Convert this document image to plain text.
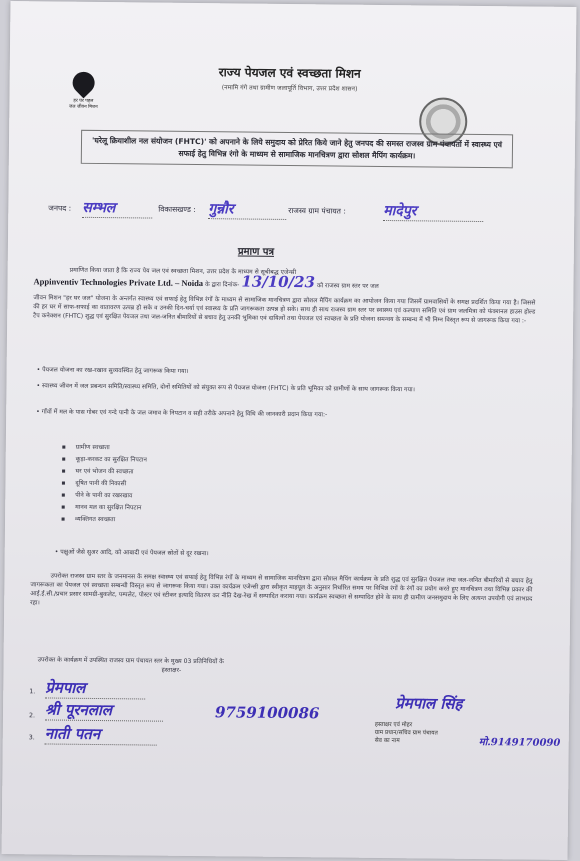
हर घर पहल
जल जीवन मिशन
राज्य पेयजल एवं स्वच्छता मिशन
(नमामि गंगे तथा ग्रामीण जलापूर्ति विभाग, उत्तर प्रदेश शासन)
'घरेलू क्रियाशील नल संयोजन (FHTC)' को अपनाने के लिये समुदाय को प्रेरित किये जाने हेतु जनपद की समस्त राजस्व ग्राम पंचायतों में स्वास्थ्य एवं सफाई हेतु विभिन्न रंगो के माध्यम से सामाजिक मानचित्रण द्वारा सोशल मैपिंग कार्यक्रम।
जनपद : सम्भल	विकासखण्ड : गुन्नौर	राजस्व ग्राम पंचायत :	मादेपुर
प्रमाण पत्र
प्रमाणित किया जाता है कि राज्य पेय जल एवं स्वच्छता मिशन, उत्तर प्रदेश के माध्यम से सूचीबद्ध एजेन्सी
Appinventiv Technologies Private Ltd. – Noida के द्वारा दिनांक- 13/10/23 को राजस्व ग्राम स्तर पर जल
जीवन मिशन "हर घर जल" योजना के अन्तर्गत स्वास्थ्य एवं सफाई हेतु विभिन्न रंगों के माध्यम से सामाजिक मानचित्रण द्वारा सोशल मैपिंग कार्यक्रम का आयोजन किया गया जिसमें ग्रामवासियों के समक्ष प्रदर्शित किया गया है। जिससे की हर घर में साफ-सफाई का वातावरण उत्पन्न हो सके व उनकी दिन-चर्या एवं स्वास्थ्य के प्रति जागरूकता उत्पन्न हो सके। साथ ही साथ राजस्व ग्राम स्तर पर स्वास्थ्य एवं कल्याण समिति एवं ग्राम जलमित्रा को फंक्शनल हाउस होल्ड टैप कनेक्शन (FHTC) शुद्ध एवं सुरक्षित पेयजल तथा जल-जनित बीमारियों से बचाव हेतु उनकी भूमिका एवं दायित्वों तथा पेयजल एवं स्वच्छता के प्रति योजना समन्वय के सम्बन्ध में भी निम्न विस्तृत रूप से जागरूक किया गया :-
• पेयजल योजना का रख-रखाव सुव्यवस्थित हेतु जागरूक किया गया।
• स्वास्थ्य जीवन में जल प्रबन्धन समिति/स्वास्थ्य समिति, दोनों समितियों को संयुक्त रूप से पेयजल योजना (FHTC) के प्रति भूमिका को ग्रामीणों के साथ जागरूक किया गया।
• गाँवों में मल के पास गोबर एवं गन्दे पानी के जल जमाव के निपटान व सही तरीके अपनाने हेतु विधि की जानकारी प्रदान किया गया:-
▪ ग्रामीण स्वच्छता
▪ कूड़ा-करकट का सुरक्षित निपटान
▪ घर एवं भोजन की स्वच्छता
▪ दूषित पानी की निकासी
▪ पीने के पानी का रखरखाव
▪ मानव मल का सुरक्षित निपटान
▪ व्यक्तिगत स्वच्छता
• पक्षुओं जैसे सुअर आदि, को आबादी एवं पेयजल स्रोतों से दूर रखना।
उपरोक्त राजस्व ग्राम स्तर के जनमानस के समक्ष स्वास्थ्य एवं सफाई हेतु विभिन्न रंगों के माध्यम से सामाजिक मानचित्रण द्वारा सोशल मैपिंग कार्यक्रम के प्रति शुद्ध एवं सुरक्षित पेयजल तथा जल-जनित बीमारियों से बचाव हेतु जागरूकता का पेयजल एवं स्वच्छता सम्बन्धी विस्तृत रूप से जागरूक किया गया। उक्त कार्यक्रम एजेन्सी द्वारा स्वीकृत माइयूल के अनुसार निर्धारित समय पर विभिन्न रंगों के रंगों का प्रयोग करते हुए मानचित्रण तथा विभिन्न प्रकार की आई.ई.सी./प्रचार प्रसार सामग्री-बुकलेट, पम्पलेट, पोस्टर एवं स्टीकर इत्यादि वितरण कर नीति देख-रेख में सम्पादित कराया गया। कार्यक्रम स्वच्छता से सम्पादित होने के साथ ही ग्रामीण जनसमुदाय के लिए अत्यन्त उपयोगी एवं लाभप्रद रहा।
उपरोक्त के कार्यक्रम में उपस्थित राजस्व ग्राम पंचायत स्तर के मुख्य 03 प्रतिनिधियों के
हस्ताक्षर-
1. प्रेमपाल
2. श्री पूरनलाल	9759100086
3. नाती पतन
प्रेमपाल सिंह
मो.9149170090
हस्ताक्षर एवं मोहर
ग्राम प्रधान/सचिव ग्राम पंचायत
सेव का नाम
